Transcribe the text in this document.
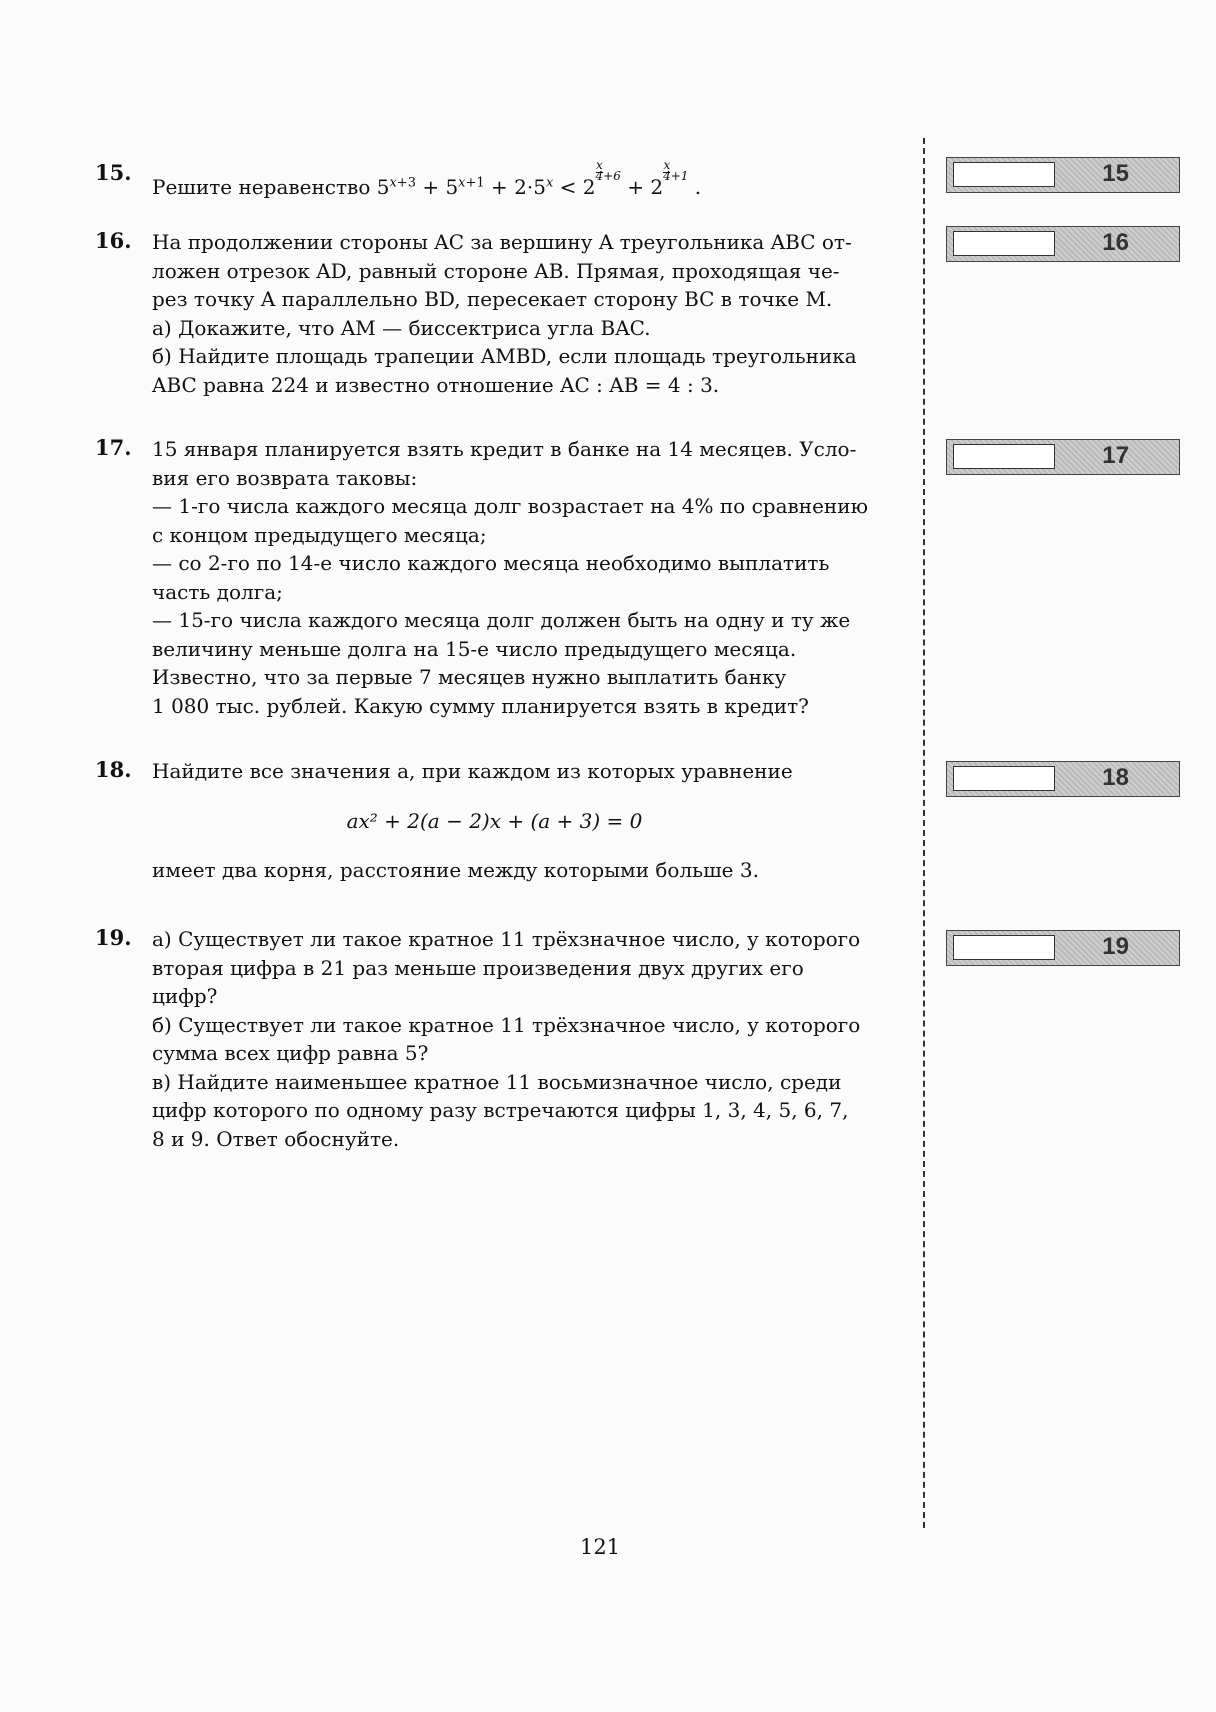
15.
Решите неравенство $5^{x+3} + 5^{x+1} + 2\cdot 5^x < 2x$
4+6 + 2x
4+1 .
16. На продолжении стороны AC за вершину A треугольника ABC от-
ложен отрезок AD, равный стороне AB. Прямая, проходящая че-
рез точку A параллельно BD, пересекает сторону BC в точке M.
а) Докажите, что AM — биссектриса угла BAC.
б) Найдите площадь трапеции AMBD, если площадь треугольника
ABC равна 224 и известно отношение AC : AB = 4 : 3.
17. 15 января планируется взять кредит в банке на 14 месяцев. Усло-
вия его возврата таковы:
— 1-го числа каждого месяца долг возрастает на 4% по сравнению
с концом предыдущего месяца;
— со 2-го по 14-е число каждого месяца необходимо выплатить
часть долга;
— 15-го числа каждого месяца долг должен быть на одну и ту же
величину меньше долга на 15-е число предыдущего месяца.
Известно, что за первые 7 месяцев нужно выплатить банку
1 080 тыс. рублей. Какую сумму планируется взять в кредит?
18. Найдите все значения a, при каждом из которых уравнение
ax² + 2(a − 2)x + (a + 3) = 0
имеет два корня, расстояние между которыми больше 3.
19. а) Существует ли такое кратное 11 трёхзначное число, у которого
вторая цифра в 21 раз меньше произведения двух других его
цифр?
б) Существует ли такое кратное 11 трёхзначное число, у которого
сумма всех цифр равна 5?
в) Найдите наименьшее кратное 11 восьмизначное число, среди
цифр которого по одному разу встречаются цифры 1, 3, 4, 5, 6, 7,
8 и 9. Ответ обоснуйте.
15
16
17
18
19
121
